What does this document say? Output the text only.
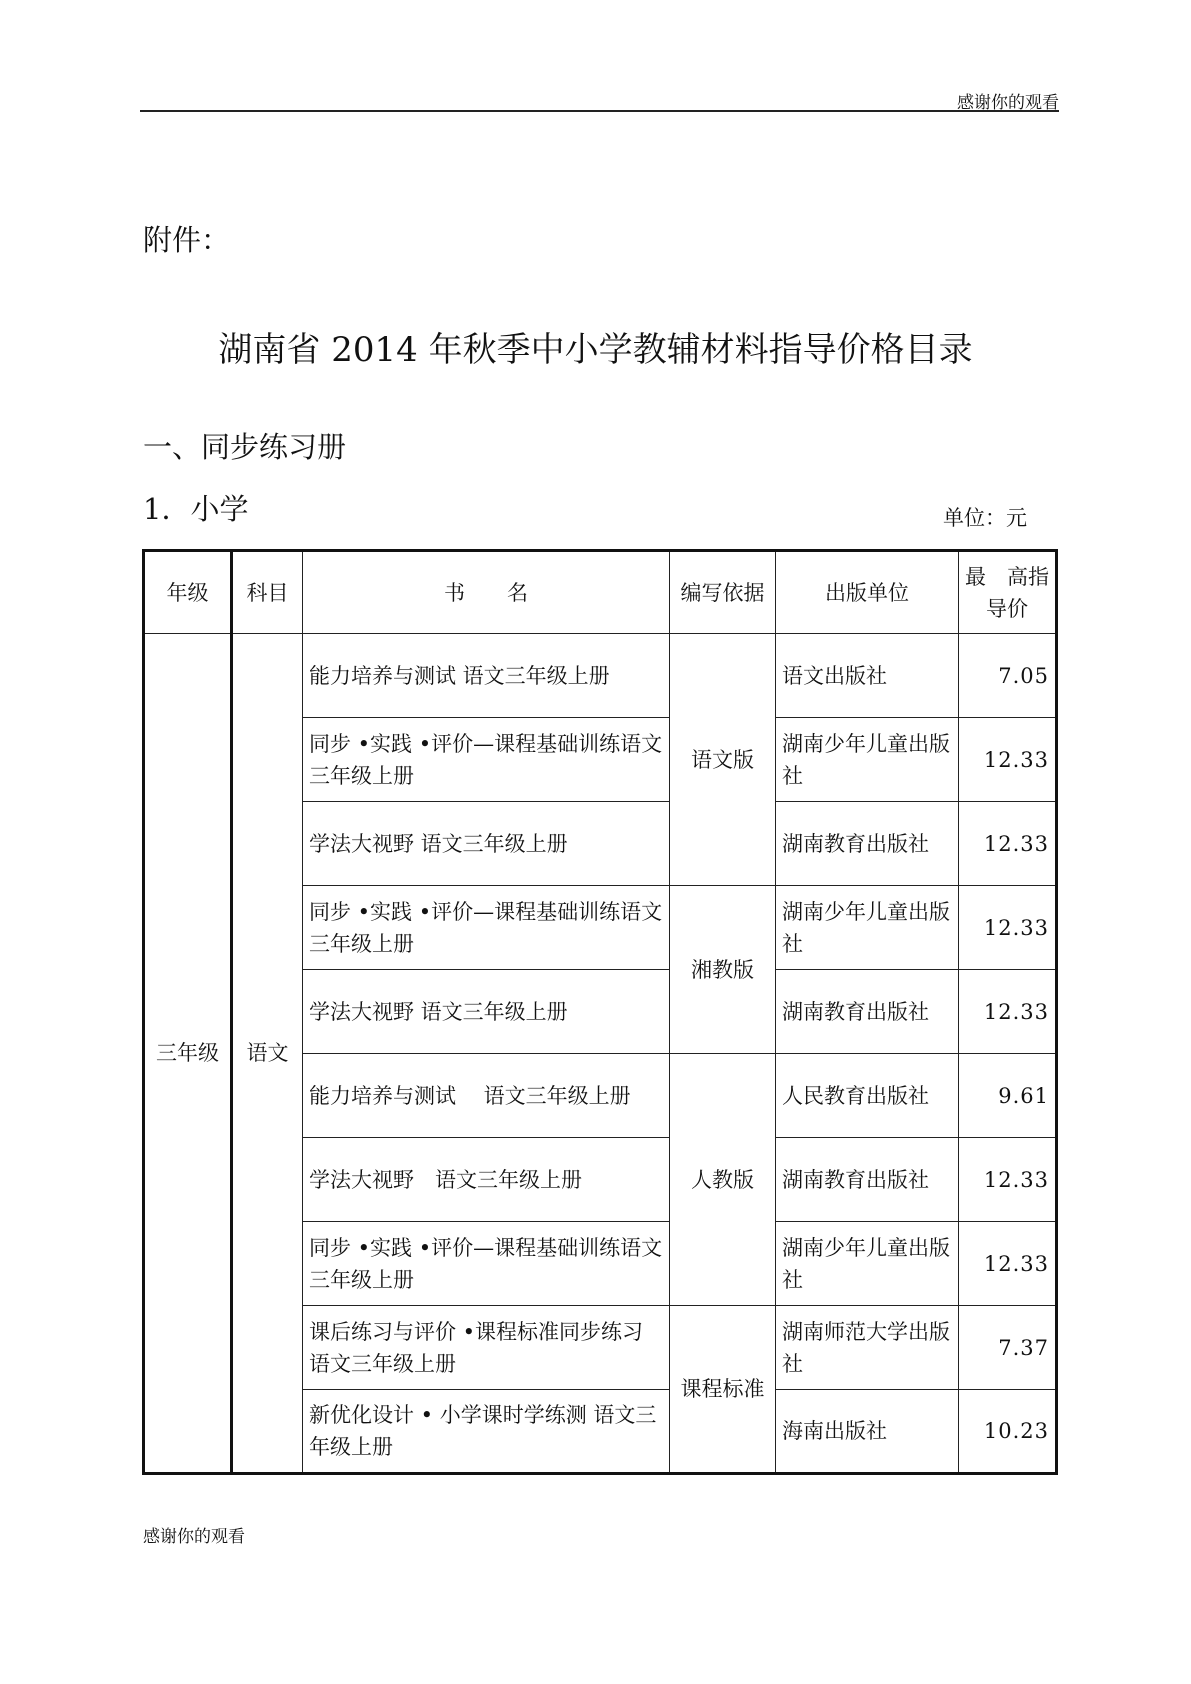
感谢你的观看
附件：
湖南省 2014 年秋季中小学教辅材料指导价格目录
一、同步练习册
1．小学	单位：元
年级	科目	书　　名	编写依据	出版单位	最　高指导价
三年级	语文	能力培养与测试 语文三年级上册	语文版	语文出版社	7.05
		同步 •实践 •评价—课程基础训练语文三年级上册		湖南少年儿童出版社	12.33
		学法大视野 语文三年级上册		湖南教育出版社	12.33
		同步 •实践 •评价—课程基础训练语文三年级上册	湘教版	湖南少年儿童出版社	12.33
		学法大视野 语文三年级上册		湖南教育出版社	12.33
		能力培养与测试　 语文三年级上册	人教版	人民教育出版社	9.61
		学法大视野　语文三年级上册		湖南教育出版社	12.33
		同步 •实践 •评价—课程基础训练语文三年级上册		湖南少年儿童出版社	12.33
		课后练习与评价 •课程标准同步练习　语文三年级上册	课程标准	湖南师范大学出版社	7.37
		新优化设计 • 小学课时学练测 语文三年级上册		海南出版社	10.23
感谢你的观看
